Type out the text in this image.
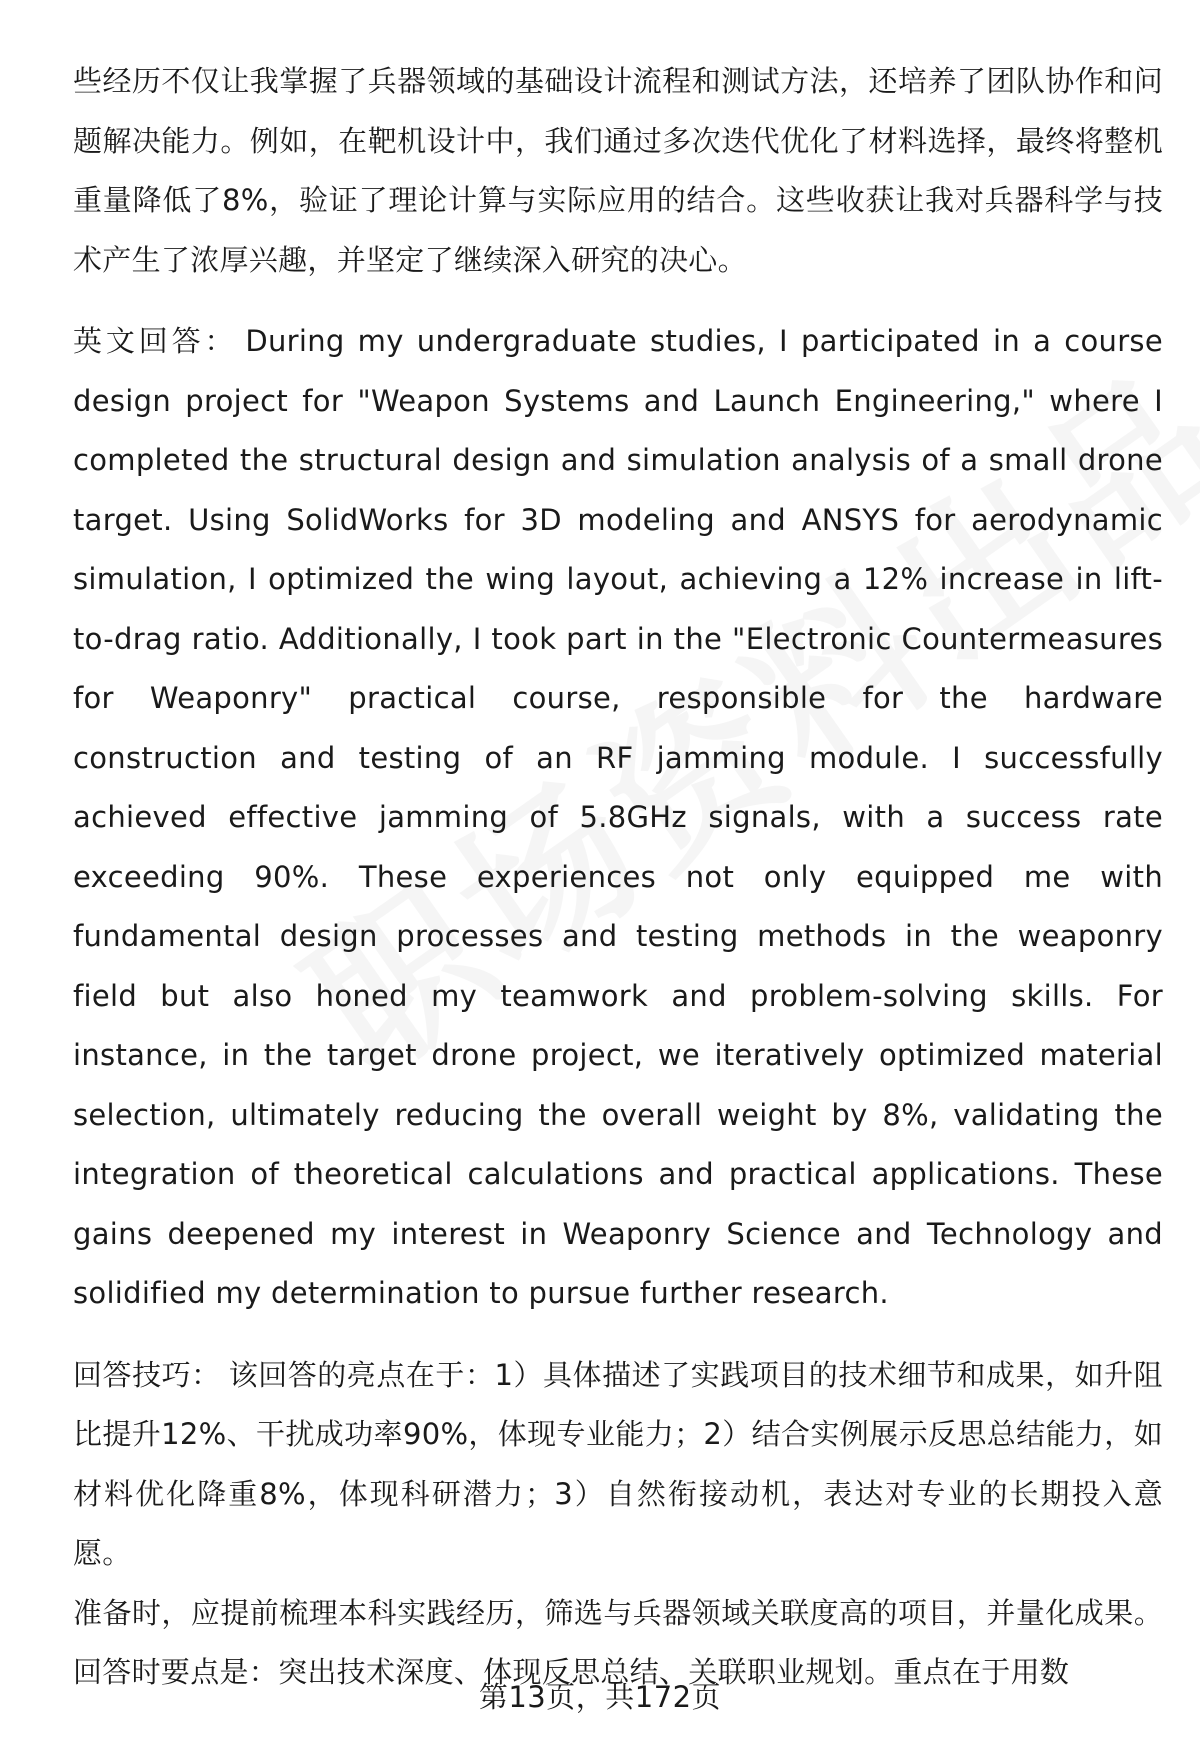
些经历不仅让我掌握了兵器领域的基础设计流程和测试方法，还培养了团队协作和问题解决能力。例如，在靶机设计中，我们通过多次迭代优化了材料选择，最终将整机重量降低了8%，验证了理论计算与实际应用的结合。这些收获让我对兵器科学与技术产生了浓厚兴趣，并坚定了继续深入研究的决心。

英文回答： During my undergraduate studies, I participated in a course design project for "Weapon Systems and Launch Engineering," where I completed the structural design and simulation analysis of a small drone target. Using SolidWorks for 3D modeling and ANSYS for aerodynamic simulation, I optimized the wing layout, achieving a 12% increase in lift-to-drag ratio. Additionally, I took part in the "Electronic Countermeasures for Weaponry" practical course, responsible for the hardware construction and testing of an RF jamming module. I successfully achieved effective jamming of 5.8GHz signals, with a success rate exceeding 90%. These experiences not only equipped me with fundamental design processes and testing methods in the weaponry field but also honed my teamwork and problem-solving skills. For instance, in the target drone project, we iteratively optimized material selection, ultimately reducing the overall weight by 8%, validating the integration of theoretical calculations and practical applications. These gains deepened my interest in Weaponry Science and Technology and solidified my determination to pursue further research.

回答技巧： 该回答的亮点在于：1）具体描述了实践项目的技术细节和成果，如升阻比提升12%、干扰成功率90%，体现专业能力；2）结合实例展示反思总结能力，如材料优化降重8%，体现科研潜力；3）自然衔接动机，表达对专业的长期投入意愿。

准备时，应提前梳理本科实践经历，筛选与兵器领域关联度高的项目，并量化成果。回答时要点是：突出技术深度、体现反思总结、关联职业规划。重点在于用数

第13页，共172页
